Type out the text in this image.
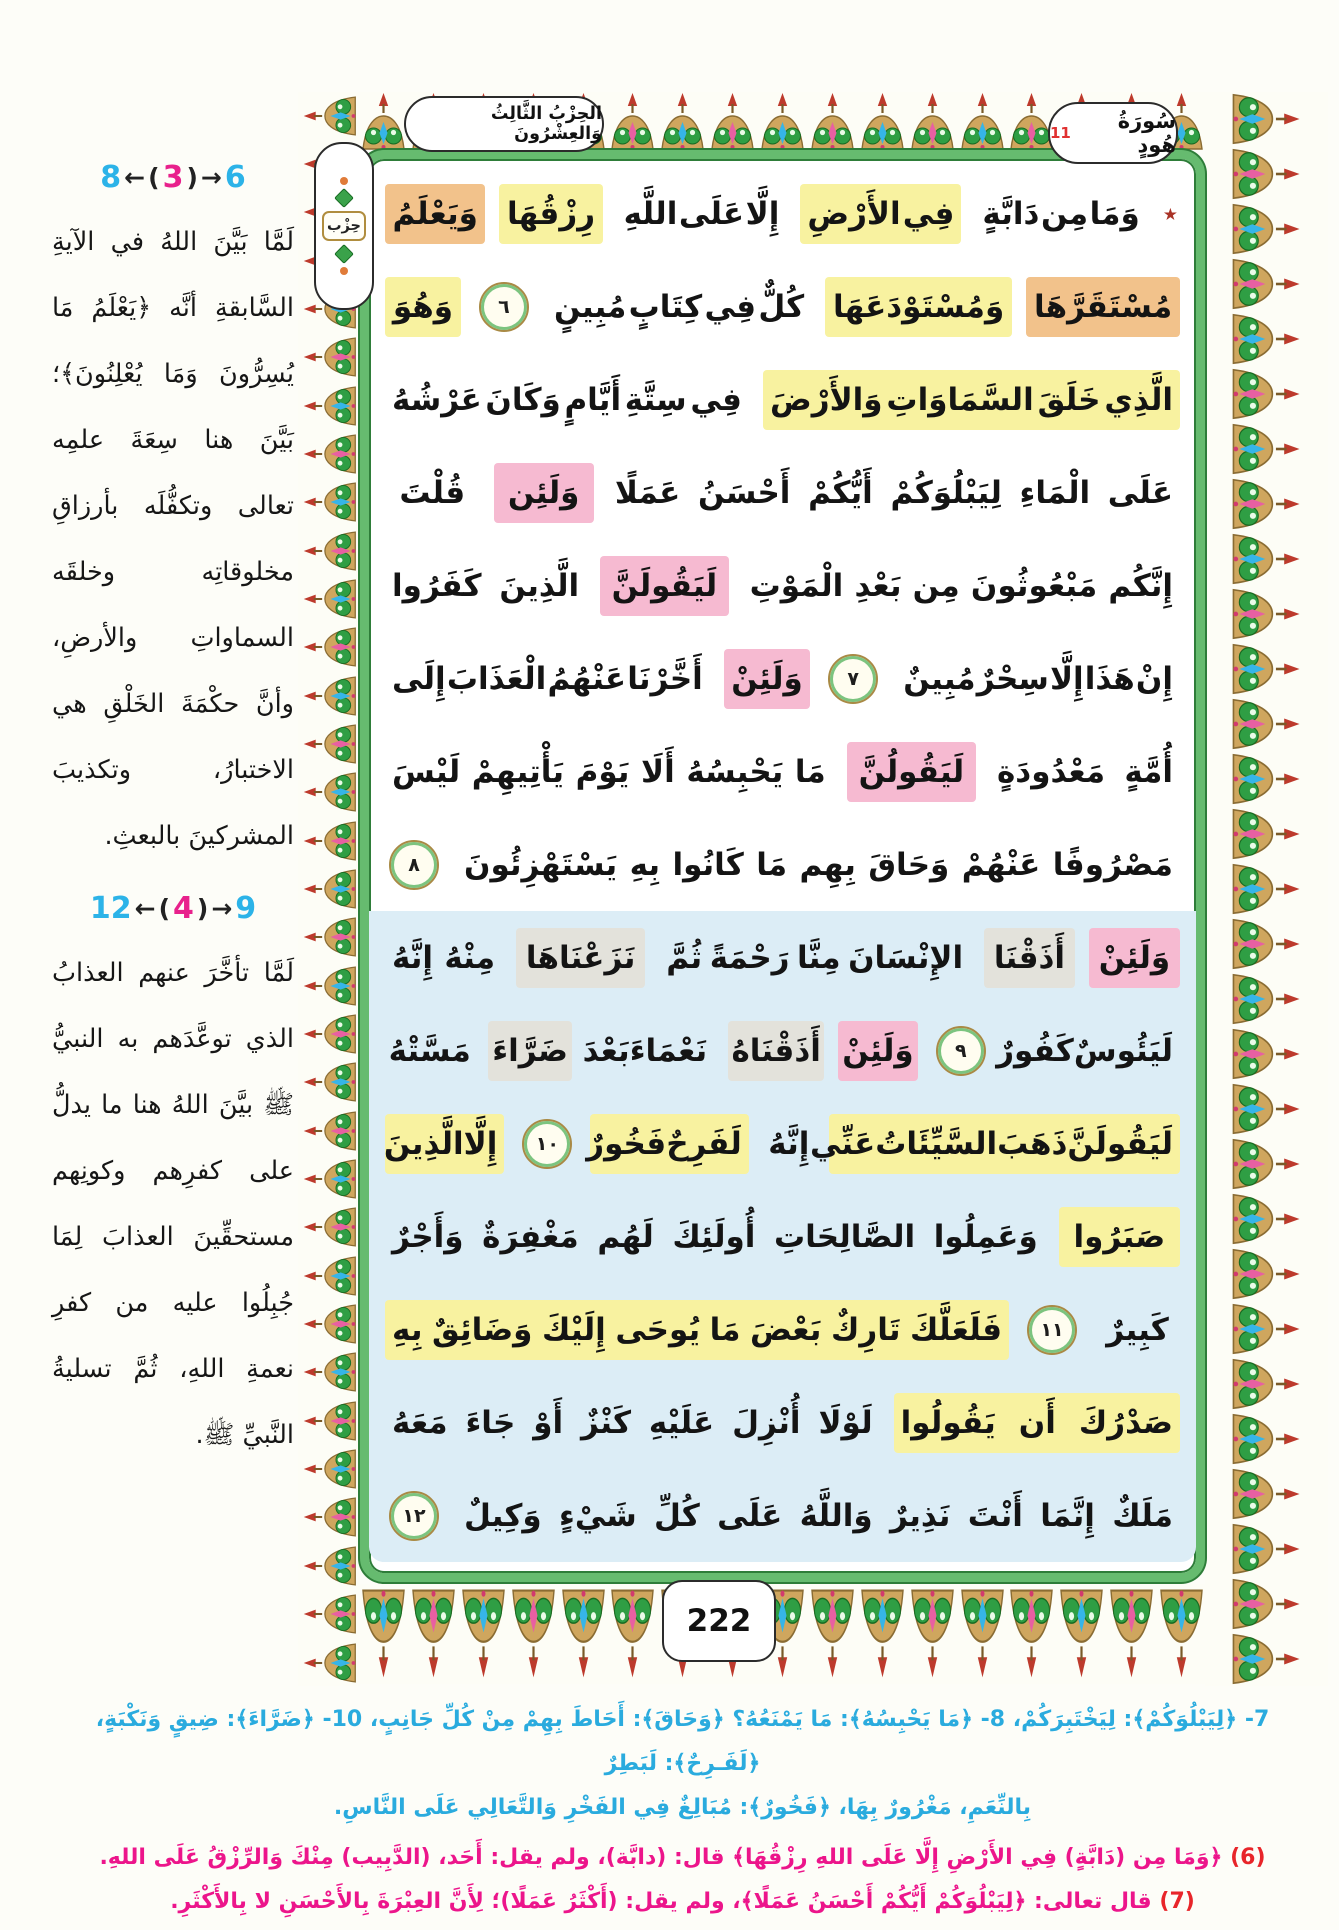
8 ← ( 3 ) → 6

لَمَّا بَيَّنَ اللهُ في الآيةِ السَّابقةِ أنَّه ﴿يَعْلَمُ مَا يُسِرُّونَ وَمَا يُعْلِنُونَ﴾؛ بَيَّنَ هنا سِعَةَ علمِه تعالى وتكفُّلَه بأرزاقِ مخلوقاتِه وخلقَه السماواتِ والأرضِ، وأنَّ حكْمَةَ الخَلْقِ هي الاختبارُ، وتكذيبَ المشركينَ بالبعثِ.

12 ← ( 4 ) → 9

لَمَّا تأخَّرَ عنهم العذابُ الذي توعَّدَهم به النبيُّ ﷺ بيَّنَ اللهُ هنا ما يدلُّ على كفرِهم وكونِهم مستحقِّينَ العذابَ لِمَا جُبِلُوا عليه من كفرِ نعمةِ اللهِ، ثُمَّ تسليةُ النَّبيِّ ﷺ.

٭
وَمَا
مِن
دَابَّةٍ
فِي
الأَرْضِ
إِلَّا
عَلَى
اللَّهِ
رِزْقُهَا
وَيَعْلَمُ
مُسْتَقَرَّهَا
وَمُسْتَوْدَعَهَا
كُلٌّ
فِي
كِتَابٍ
مُبِينٍ
٦
وَهُوَ
الَّذِي
خَلَقَ
السَّمَاوَاتِ
وَالأَرْضَ
فِي
سِتَّةِ
أَيَّامٍ
وَكَانَ
عَرْشُهُ
عَلَى
الْمَاءِ
لِيَبْلُوَكُمْ
أَيُّكُمْ
أَحْسَنُ
عَمَلًا
وَلَئِن
قُلْتَ
إِنَّكُم
مَبْعُوثُونَ
مِن
بَعْدِ
الْمَوْتِ
لَيَقُولَنَّ
الَّذِينَ
كَفَرُوا
إِنْ
هَذَا
إِلَّا
سِحْرٌ
مُبِينٌ
٧
وَلَئِنْ
أَخَّرْنَا
عَنْهُمُ
الْعَذَابَ
إِلَى
أُمَّةٍ
مَعْدُودَةٍ
لَيَقُولُنَّ
مَا
يَحْبِسُهُ
أَلَا
يَوْمَ
يَأْتِيهِمْ
لَيْسَ
مَصْرُوفًا
عَنْهُمْ
وَحَاقَ
بِهِم
مَا
كَانُوا
بِهِ
يَسْتَهْزِئُونَ
٨
وَلَئِنْ
أَذَقْنَا
الإِنْسَانَ
مِنَّا
رَحْمَةً
ثُمَّ
نَزَعْنَاهَا
مِنْهُ
إِنَّهُ
لَيَئُوسٌ
كَفُورٌ
٩
وَلَئِنْ
أَذَقْنَاهُ
نَعْمَاءَ
بَعْدَ
ضَرَّاءَ
مَسَّتْهُ
لَيَقُولَنَّ
ذَهَبَ
السَّيِّئَاتُ
عَنِّي
إِنَّهُ
لَفَرِحٌ
فَخُورٌ
١٠
إِلَّا
الَّذِينَ
صَبَرُوا
وَعَمِلُوا
الصَّالِحَاتِ
أُولَئِكَ
لَهُم
مَغْفِرَةٌ
وَأَجْرٌ
كَبِيرٌ
١١
فَلَعَلَّكَ
تَارِكٌ
بَعْضَ
مَا
يُوحَى
إِلَيْكَ
وَضَائِقٌ
بِهِ
صَدْرُكَ
أَن
يَقُولُوا
لَوْلَا
أُنْزِلَ
عَلَيْهِ
كَنْزٌ
أَوْ
جَاءَ
مَعَهُ
مَلَكٌ
إِنَّمَا
أَنْتَ
نَذِيرٌ
وَاللَّهُ
عَلَى
كُلِّ
شَيْءٍ
وَكِيلٌ
١٢
الحِزْبُ الثَّالِثُ وَالعِشْرُونَ
سُورَةُ هُودٍ
11
حِزْب
222

7- ﴿لِيَبْلُوَكُمْ﴾: لِيَخْتَبِرَكُمْ، 8- ﴿مَا يَحْبِسُهُ﴾: مَا يَمْنَعُهُ؟ ﴿وَحَاقَ﴾: أَحَاطَ بِهِمْ مِنْ كُلِّ جَانِبٍ، 10- ﴿ضَرَّاءَ﴾: ضِيقٍ وَنَكْبَةٍ، ﴿لَفَـرِحٌ﴾: لَبَطِرٌ

بِالنِّعَمِ، مَغْرُورٌ بِهَا، ﴿فَخُورٌ﴾: مُبَالِغٌ فِي الفَخْرِ وَالتَّعَالِي عَلَى النَّاسِ.

(6) ﴿وَمَا مِن (دَابَّةٍ) فِي الأَرْضِ إِلَّا عَلَى اللهِ رِزْقُهَا﴾ قال: (دابَّة)، ولم يقل: أَحَد، (الدَّبِيب) مِنْكَ وَالرِّزْقُ عَلَى اللهِ.

(7) قال تعالى: ﴿لِيَبْلُوَكُمْ أَيُّكُمْ أَحْسَنُ عَمَلًا﴾، ولم يقل: (أَكْثَرُ عَمَلًا)؛ لِأَنَّ العِبْرَةَ بِالأَحْسَنِ لا بِالأَكْثَرِ.
